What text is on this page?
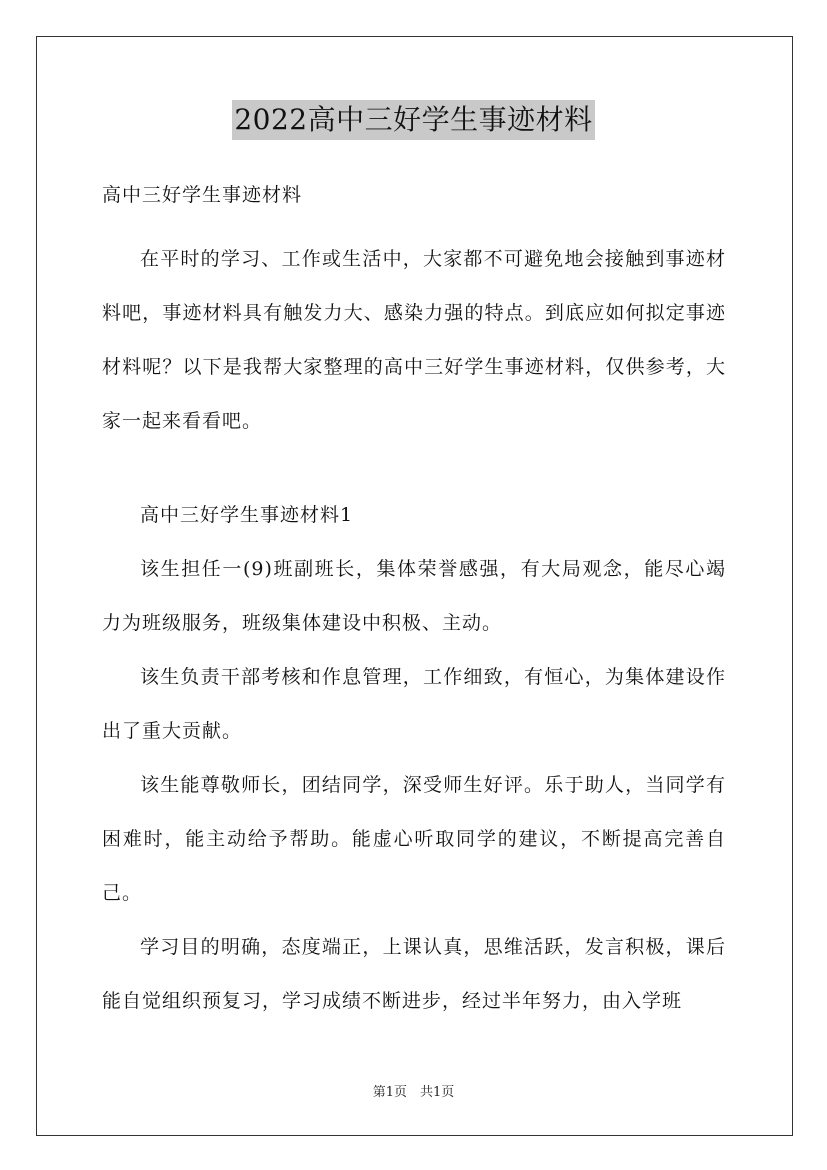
2022高中三好学生事迹材料

高中三好学生事迹材料

在平时的学习、工作或生活中，大家都不可避免地会接触到事迹材料吧，事迹材料具有触发力大、感染力强的特点。到底应如何拟定事迹材料呢？以下是我帮大家整理的高中三好学生事迹材料，仅供参考，大家一起来看看吧。

高中三好学生事迹材料1

该生担任一(9)班副班长，集体荣誉感强，有大局观念，能尽心竭力为班级服务，班级集体建设中积极、主动。

该生负责干部考核和作息管理，工作细致，有恒心，为集体建设作出了重大贡献。

该生能尊敬师长，团结同学，深受师生好评。乐于助人，当同学有困难时，能主动给予帮助。能虚心听取同学的建议，不断提高完善自己。

学习目的明确，态度端正，上课认真，思维活跃，发言积极，课后能自觉组织预复习，学习成绩不断进步，经过半年努力，由入学班

第1页　共1页
